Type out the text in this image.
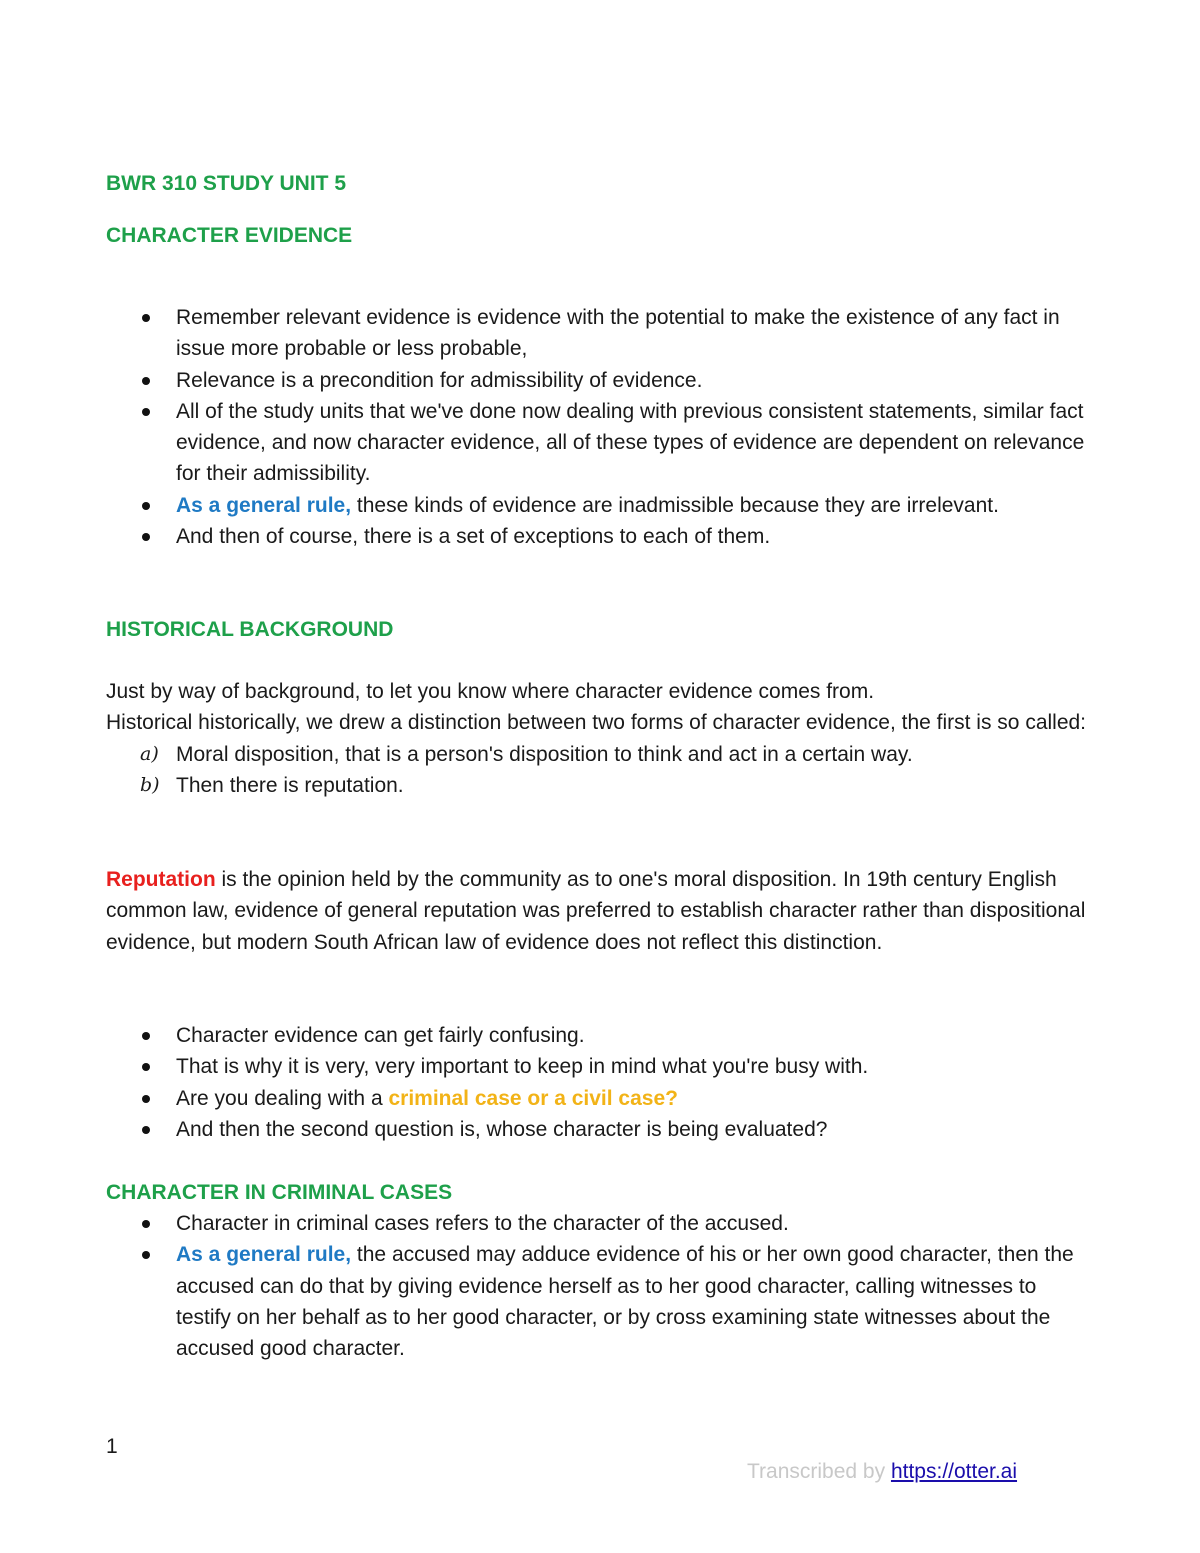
BWR 310 STUDY UNIT 5
CHARACTER EVIDENCE
Remember relevant evidence is evidence with the potential to make the existence of any fact in issue more probable or less probable,
Relevance is a precondition for admissibility of evidence.
All of the study units that we've done now dealing with previous consistent statements, similar fact evidence, and now character evidence, all of these types of evidence are dependent on relevance for their admissibility.
As a general rule, these kinds of evidence are inadmissible because they are irrelevant.
And then of course, there is a set of exceptions to each of them.
HISTORICAL BACKGROUND
Just by way of background, to let you know where character evidence comes from.
Historical historically, we drew a distinction between two forms of character evidence, the first is so called:
a) Moral disposition, that is a person's disposition to think and act in a certain way.
b) Then there is reputation.
Reputation is the opinion held by the community as to one's moral disposition. In 19th century English common law, evidence of general reputation was preferred to establish character rather than dispositional evidence, but modern South African law of evidence does not reflect this distinction.
Character evidence can get fairly confusing.
That is why it is very, very important to keep in mind what you're busy with.
Are you dealing with a criminal case or a civil case?
And then the second question is, whose character is being evaluated?
CHARACTER IN CRIMINAL CASES
Character in criminal cases refers to the character of the accused.
As a general rule, the accused may adduce evidence of his or her own good character, then the accused can do that by giving evidence herself as to her good character, calling witnesses to testify on her behalf as to her good character, or by cross examining state witnesses about the accused good character.
1
Transcribed by https://otter.ai
